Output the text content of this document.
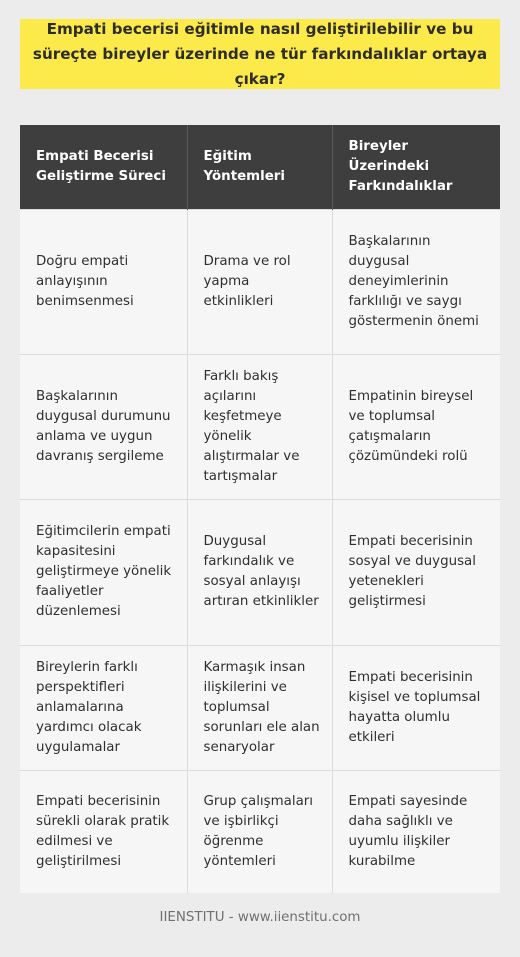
Empati becerisi eğitimle nasıl geliştirilebilir ve bu süreçte bireyler üzerinde ne tür farkındalıklar ortaya çıkar?
Empati Becerisi Geliştirme Süreci	Eğitim Yöntemleri	Bireyler Üzerindeki Farkındalıklar
Doğru empati anlayışının benimsenmesi	Drama ve rol yapma etkinlikleri	Başkalarının duygusal deneyimlerinin farklılığı ve saygı göstermenin önemi
Başkalarının duygusal durumunu anlama ve uygun davranış sergileme	Farklı bakış açılarını keşfetmeye yönelik alıştırmalar ve tartışmalar	Empatinin bireysel ve toplumsal çatışmaların çözümündeki rolü
Eğitimcilerin empati kapasitesini geliştirmeye yönelik faaliyetler düzenlemesi	Duygusal farkındalık ve sosyal anlayışı artıran etkinlikler	Empati becerisinin sosyal ve duygusal yetenekleri geliştirmesi
Bireylerin farklı perspektifleri anlamalarına yardımcı olacak uygulamalar	Karmaşık insan ilişkilerini ve toplumsal sorunları ele alan senaryolar	Empati becerisinin kişisel ve toplumsal hayatta olumlu etkileri
Empati becerisinin sürekli olarak pratik edilmesi ve geliştirilmesi	Grup çalışmaları ve işbirlikçi öğrenme yöntemleri	Empati sayesinde daha sağlıklı ve uyumlu ilişkiler kurabilme
IIENSTITU - www.iienstitu.com
